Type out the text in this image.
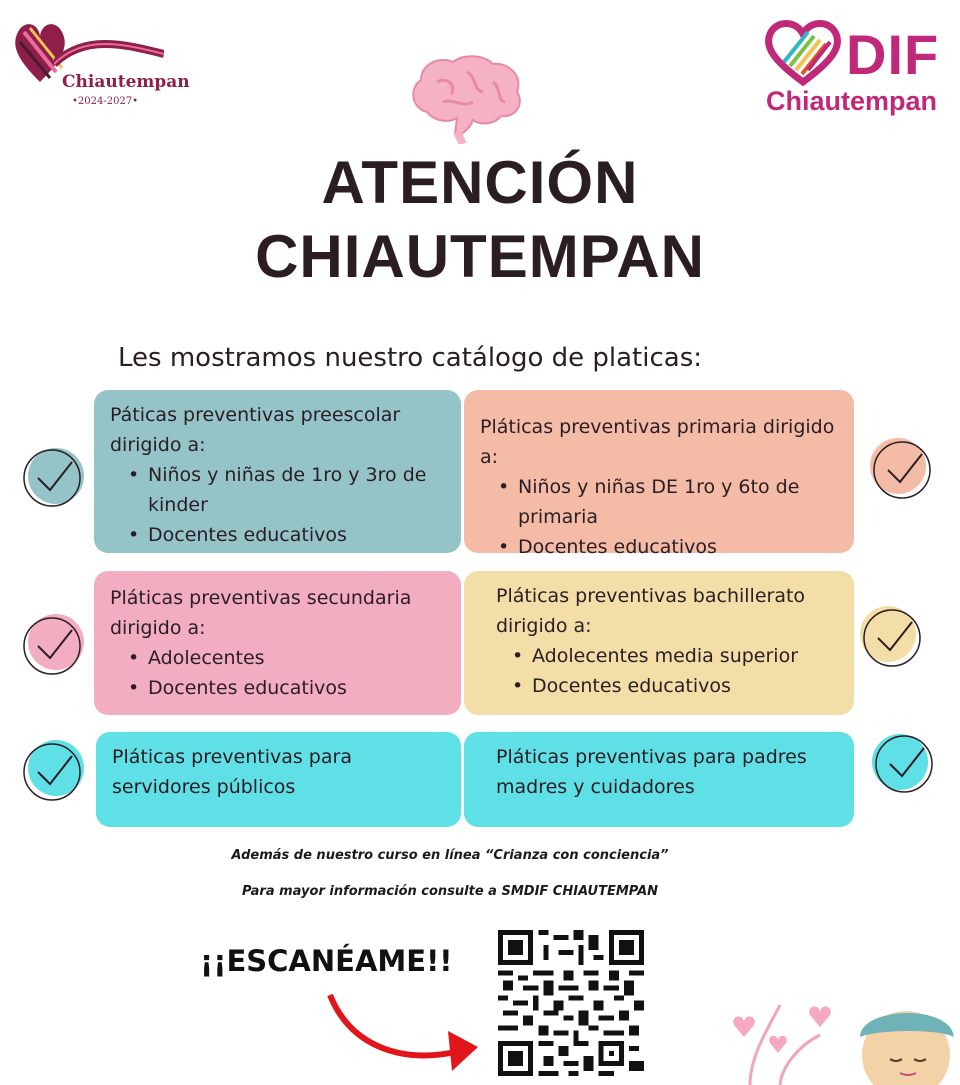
Chiautempan
•2024-2027•
DIF
Chiautempan
ATENCIÓN
CHIAUTEMPAN
Les mostramos nuestro catálogo de platicas:
Páticas preventivas preescolar dirigido a:
• Niños y niñas de 1ro y 3ro de kinder
• Docentes educativos
Pláticas preventivas primaria dirigido a:
• Niños y niñas DE 1ro y 6to de primaria
• Docentes educativos
Pláticas preventivas secundaria dirigido a:
• Adolecentes
• Docentes educativos
Pláticas preventivas bachillerato dirigido a:
• Adolecentes media superior
• Docentes educativos
Pláticas preventivas para servidores públicos
Pláticas preventivas para padres madres y cuidadores
Además de nuestro curso en línea “Crianza con conciencia”
Para mayor información consulte a SMDIF CHIAUTEMPAN
¡¡ESCANÉAME!!
